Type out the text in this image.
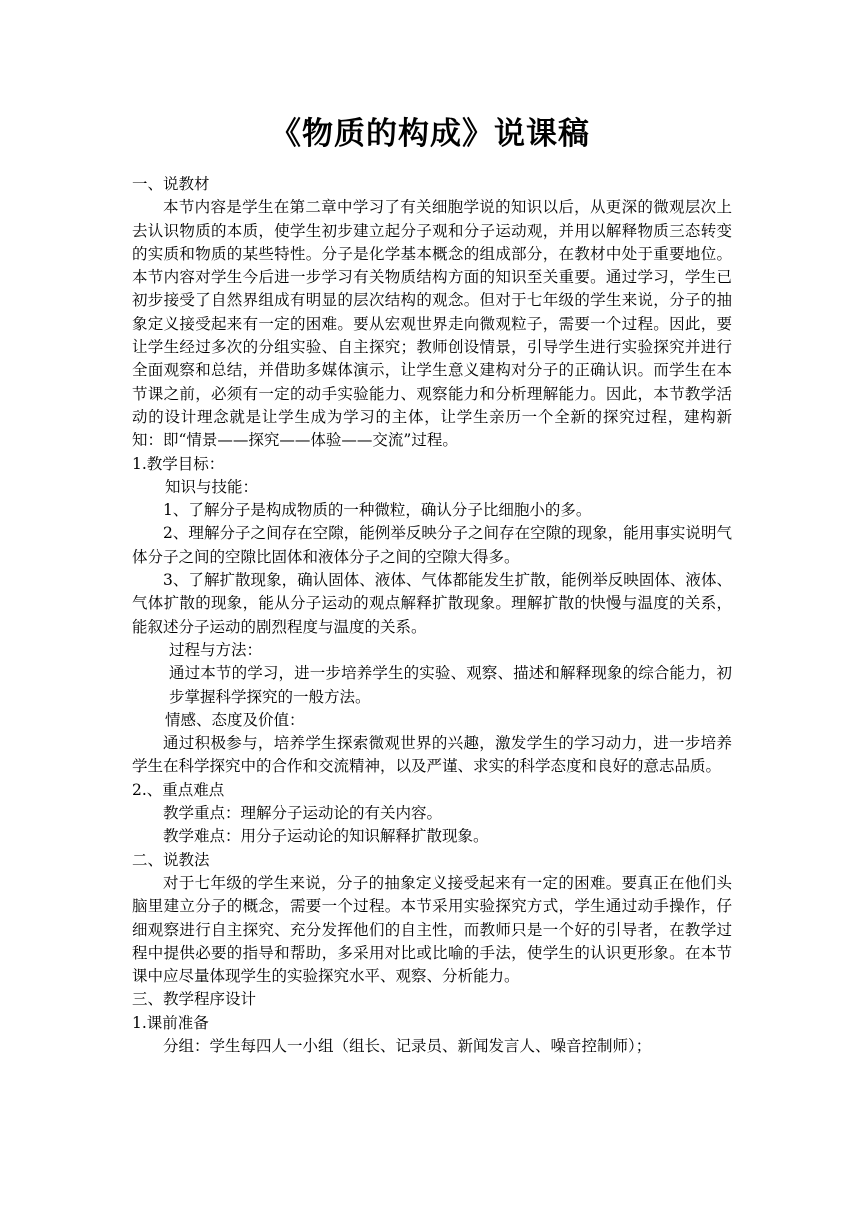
《物质的构成》说课稿

一、说教材

本节内容是学生在第二章中学习了有关细胞学说的知识以后，从更深的微观层次上去认识物质的本质，使学生初步建立起分子观和分子运动观，并用以解释物质三态转变的实质和物质的某些特性。分子是化学基本概念的组成部分，在教材中处于重要地位。本节内容对学生今后进一步学习有关物质结构方面的知识至关重要。通过学习，学生已初步接受了自然界组成有明显的层次结构的观念。但对于七年级的学生来说，分子的抽象定义接受起来有一定的困难。要从宏观世界走向微观粒子，需要一个过程。因此，要让学生经过多次的分组实验、自主探究；教师创设情景，引导学生进行实验探究并进行全面观察和总结，并借助多媒体演示，让学生意义建构对分子的正确认识。而学生在本节课之前，必须有一定的动手实验能力、观察能力和分析理解能力。因此，本节教学活动的设计理念就是让学生成为学习的主体，让学生亲历一个全新的探究过程，建构新知：即“情景——探究——体验——交流”过程。

1.教学目标：

知识与技能：

1、了解分子是构成物质的一种微粒，确认分子比细胞小的多。

2、理解分子之间存在空隙，能例举反映分子之间存在空隙的现象，能用事实说明气体分子之间的空隙比固体和液体分子之间的空隙大得多。

3、了解扩散现象，确认固体、液体、气体都能发生扩散，能例举反映固体、液体、气体扩散的现象，能从分子运动的观点解释扩散现象。理解扩散的快慢与温度的关系，能叙述分子运动的剧烈程度与温度的关系。

过程与方法：

通过本节的学习，进一步培养学生的实验、观察、描述和解释现象的综合能力，初步掌握科学探究的一般方法。

情感、态度及价值：

通过积极参与，培养学生探索微观世界的兴趣，激发学生的学习动力，进一步培养学生在科学探究中的合作和交流精神，以及严谨、求实的科学态度和良好的意志品质。

2.、重点难点

教学重点：理解分子运动论的有关内容。

教学难点：用分子运动论的知识解释扩散现象。

二、说教法

对于七年级的学生来说，分子的抽象定义接受起来有一定的困难。要真正在他们头脑里建立分子的概念，需要一个过程。本节采用实验探究方式，学生通过动手操作，仔细观察进行自主探究、充分发挥他们的自主性，而教师只是一个好的引导者，在教学过程中提供必要的指导和帮助，多采用对比或比喻的手法，使学生的认识更形象。在本节课中应尽量体现学生的实验探究水平、观察、分析能力。

三、教学程序设计

1.课前准备

分组：学生每四人一小组（组长、记录员、新闻发言人、噪音控制师）；
